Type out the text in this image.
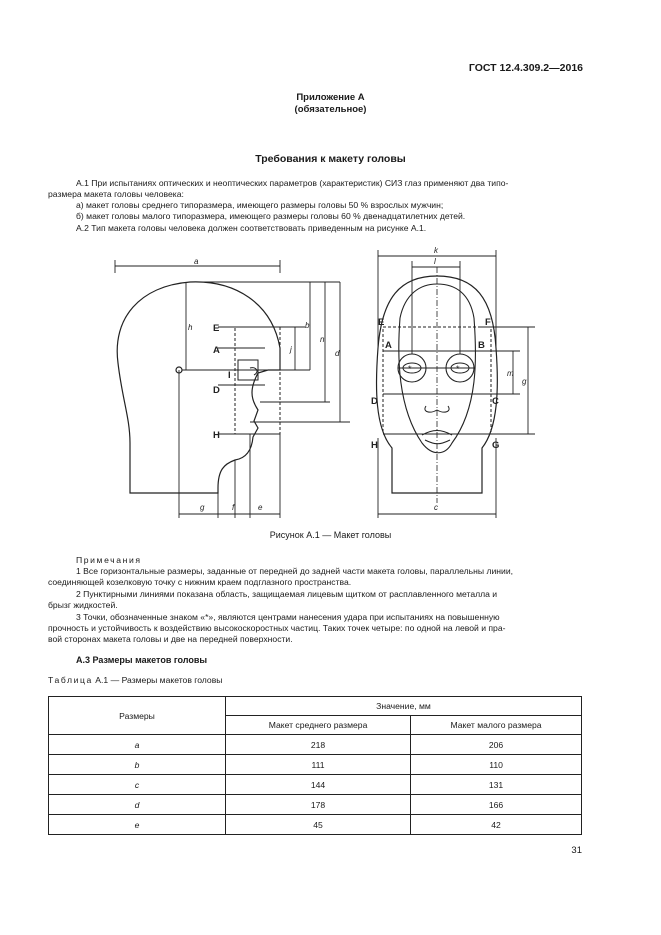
ГОСТ 12.4.309.2—2016
Приложение А
(обязательное)
Требования к макету головы
А.1 При испытаниях оптических и неоптических параметров (характеристик) СИЗ глаз применяют два типо-
размера макета головы человека:
а) макет головы среднего типоразмера, имеющего размеры головы 50 % взрослых мужчин;
б) макет головы малого типоразмера, имеющего размеры головы 60 % двенадцатилетних детей.
А.2 Тип макета головы человека должен соответствовать приведенным на рисунке А.1.
*	*
E
A
I
D
H
E	F
A	B
D	C
H	G
a
h
j
b
n
d
g	f	e
k
l
m
g
c
Рисунок А.1 — Макет головы
Примечания
1 Все горизонтальные размеры, заданные от передней до задней части макета головы, параллельны линии,
соединяющей козелковую точку с нижним краем подглазного пространства.
2 Пунктирными линиями показана область, защищаемая лицевым щитком от расплавленного металла и
брызг жидкостей.
3 Точки, обозначенные знаком «*», являются центрами нанесения удара при испытаниях на повышенную
прочность и устойчивость к воздействию высокоскоростных частиц. Таких точек четыре: по одной на левой и пра-
вой сторонах макета головы и две на передней поверхности.
А.3 Размеры макетов головы
Таблица А.1 — Размеры макетов головы
Размеры	Значение, мм	
	Макет среднего размера	Макет малого размера
a	218	206
b	111	110
c	144	131
d	178	166
e	45	42
31
